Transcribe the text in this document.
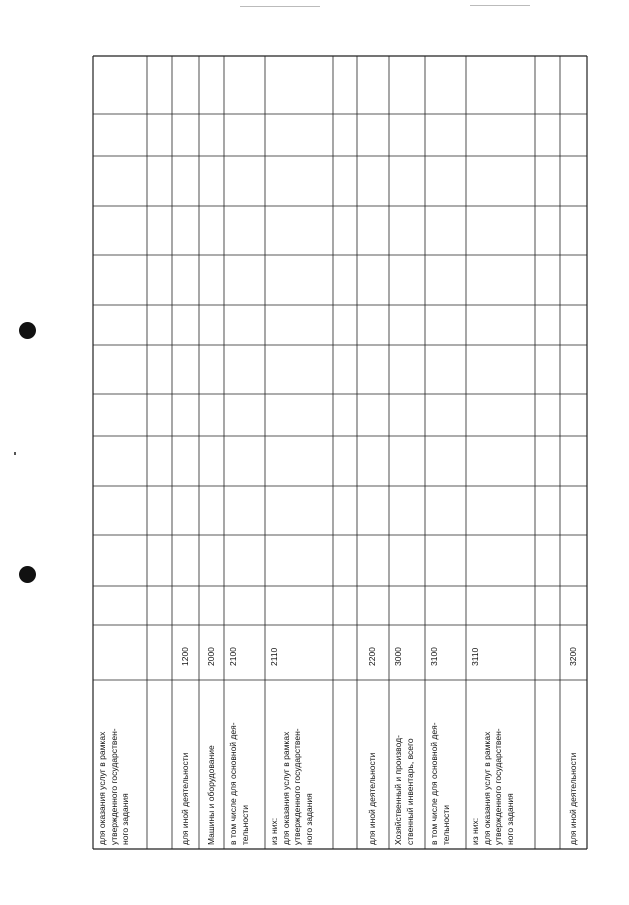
для оказания услуг в рамках утвержденного государствен- ного задания	для иной деятельности
1200
Машины и оборудование
2000
в том числе для основной дея- тельности
2100
из них: для оказания услуг в рамках утвержденного государствен- ного задания
2110
для иной деятельности
2200
Хозяйственный и производ- ственный инвентарь, всего
3000
в том числе для основной дея- тельности
3100
из них: для оказания услуг в рамках утвержденного государствен- ного задания
3110
для иной деятельности
3200
